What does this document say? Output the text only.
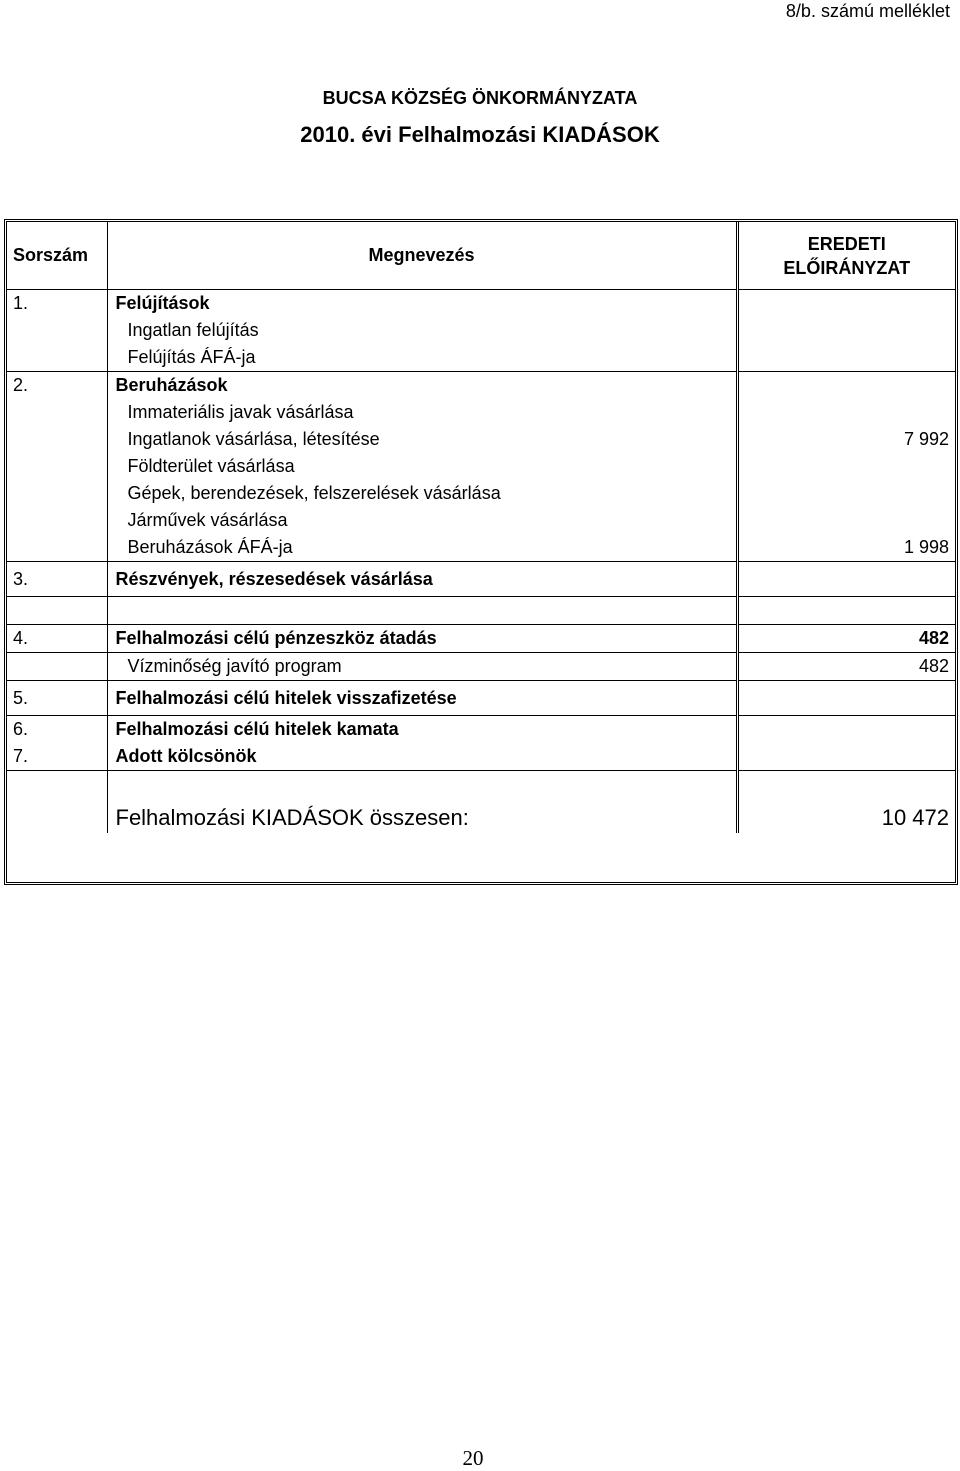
8/b. számú melléklet
BUCSA KÖZSÉG ÖNKORMÁNYZATA
2010. évi Felhalmozási KIADÁSOK
Sorszám	Megnevezés	EREDETI
ELŐIRÁNYZAT

1.	Felújítások	
	Ingatlan felújítás	
	Felújítás ÁFÁ-ja	
2.	Beruházások	
	Immateriális javak vásárlása	
	Ingatlanok vásárlása, létesítése	7 992
	Földterület vásárlása	
	Gépek, berendezések, felszerelések vásárlása	
	Járművek vásárlása	
	Beruházások ÁFÁ-ja	1 998
3.	Részvények, részesedések vásárlása	

4.	Felhalmozási célú pénzeszköz átadás	482
	Vízminőség javító program	482
5.	Felhalmozási célú hitelek visszafizetése	
6.	Felhalmozási célú hitelek kamata	
7.	Adott kölcsönök	
	Felhalmozási KIADÁSOK összesen:	10 472
20
